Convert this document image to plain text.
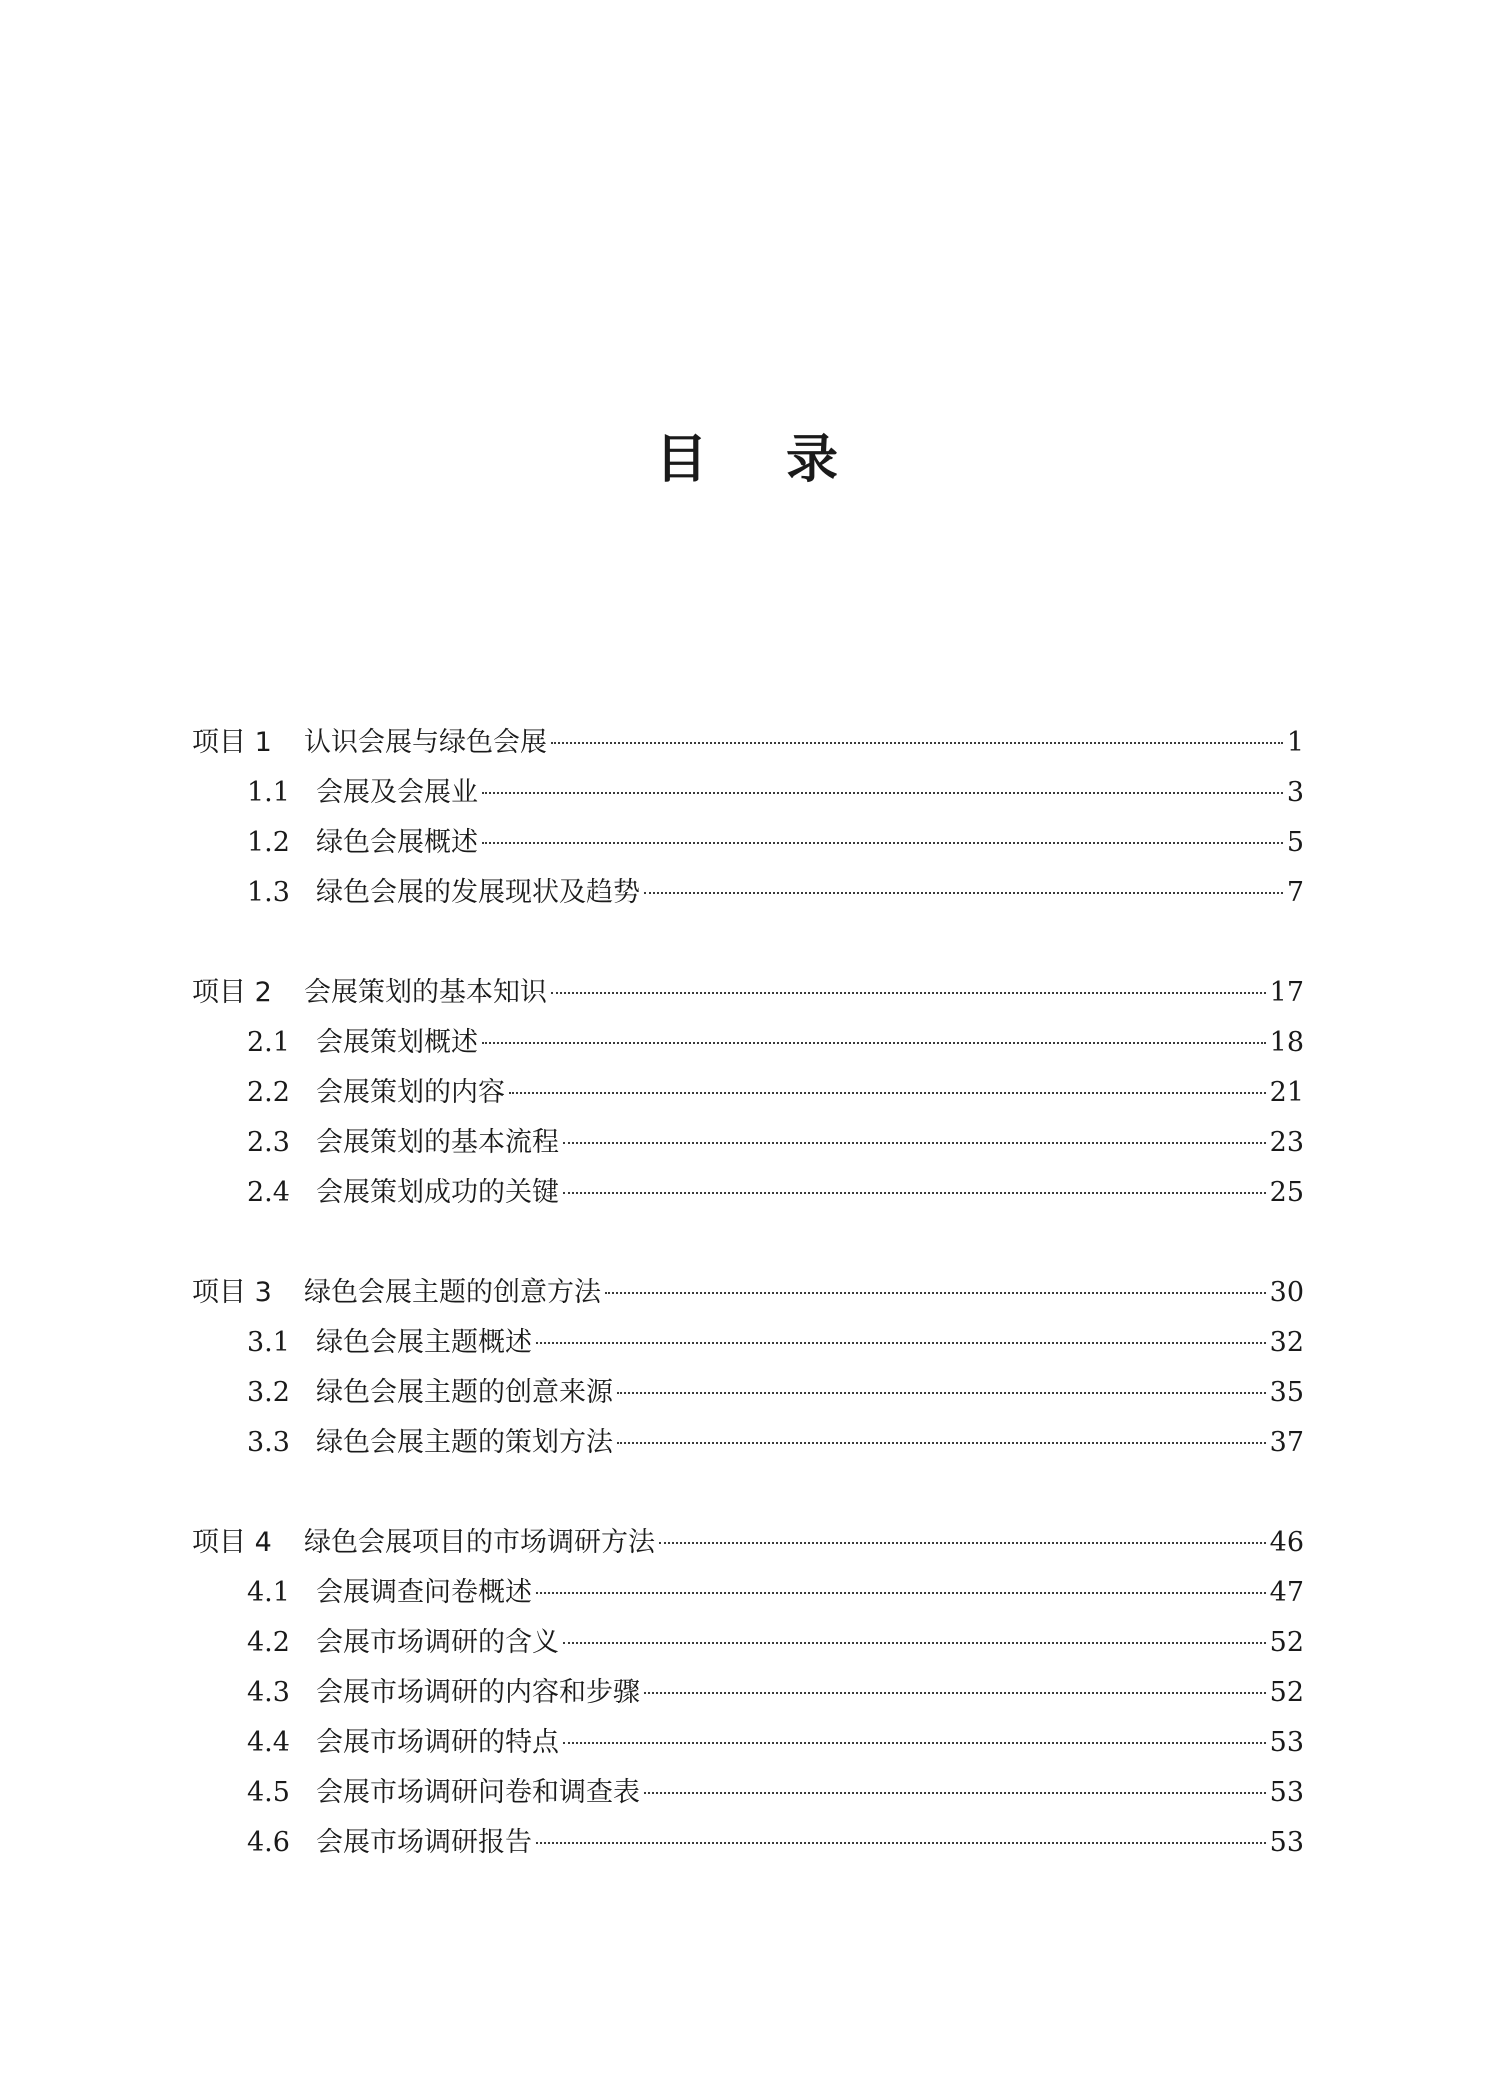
目 录
项目 1 认识会展与绿色会展	1
1.1 会展及会展业	3
1.2 绿色会展概述	5
1.3 绿色会展的发展现状及趋势	7
项目 2 会展策划的基本知识	17
2.1 会展策划概述	18
2.2 会展策划的内容	21
2.3 会展策划的基本流程	23
2.4 会展策划成功的关键	25
项目 3 绿色会展主题的创意方法	30
3.1 绿色会展主题概述	32
3.2 绿色会展主题的创意来源	35
3.3 绿色会展主题的策划方法	37
项目 4 绿色会展项目的市场调研方法	46
4.1 会展调查问卷概述	47
4.2 会展市场调研的含义	52
4.3 会展市场调研的内容和步骤	52
4.4 会展市场调研的特点	53
4.5 会展市场调研问卷和调查表	53
4.6 会展市场调研报告	53
